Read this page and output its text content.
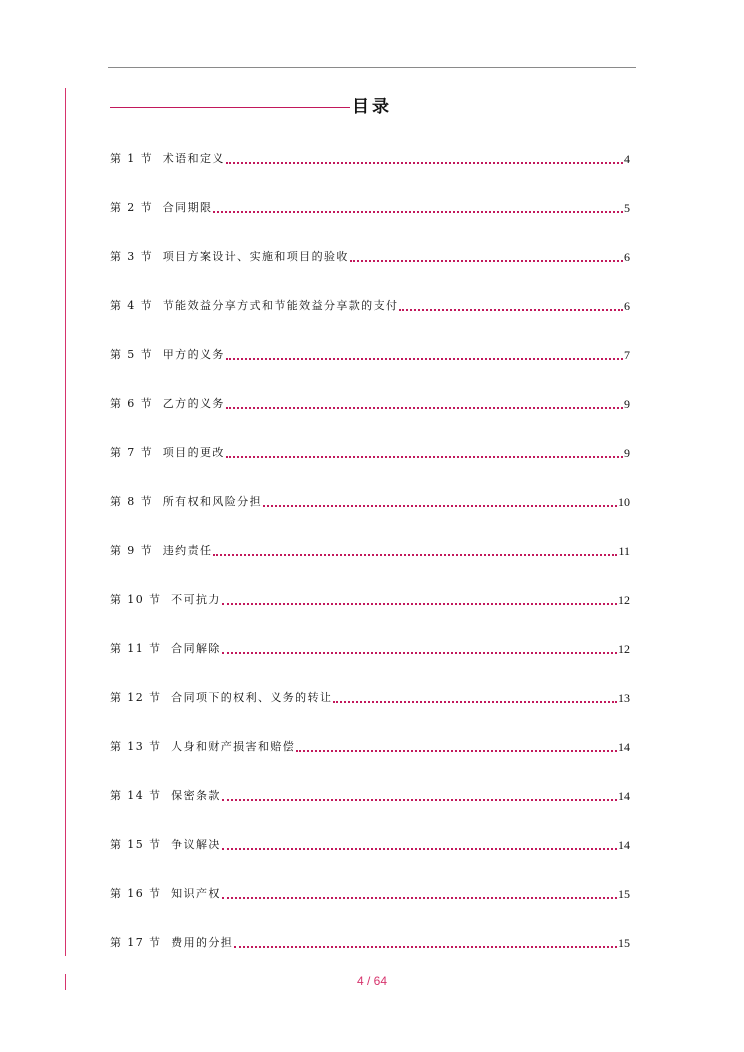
目录
第 1 节  术语和定义	4
第 2 节  合同期限	5
第 3 节  项目方案设计、实施和项目的验收	6
第 4 节  节能效益分享方式和节能效益分享款的支付	6
第 5 节  甲方的义务	7
第 6 节  乙方的义务	9
第 7 节  项目的更改	9
第 8 节  所有权和风险分担	10
第 9 节  违约责任	11
第 10 节  不可抗力	12
第 11 节  合同解除	12
第 12 节  合同项下的权利、义务的转让	13
第 13 节  人身和财产损害和赔偿	14
第 14 节  保密条款	14
第 15 节  争议解决	14
第 16 节  知识产权	15
第 17 节  费用的分担	15
4 / 64
